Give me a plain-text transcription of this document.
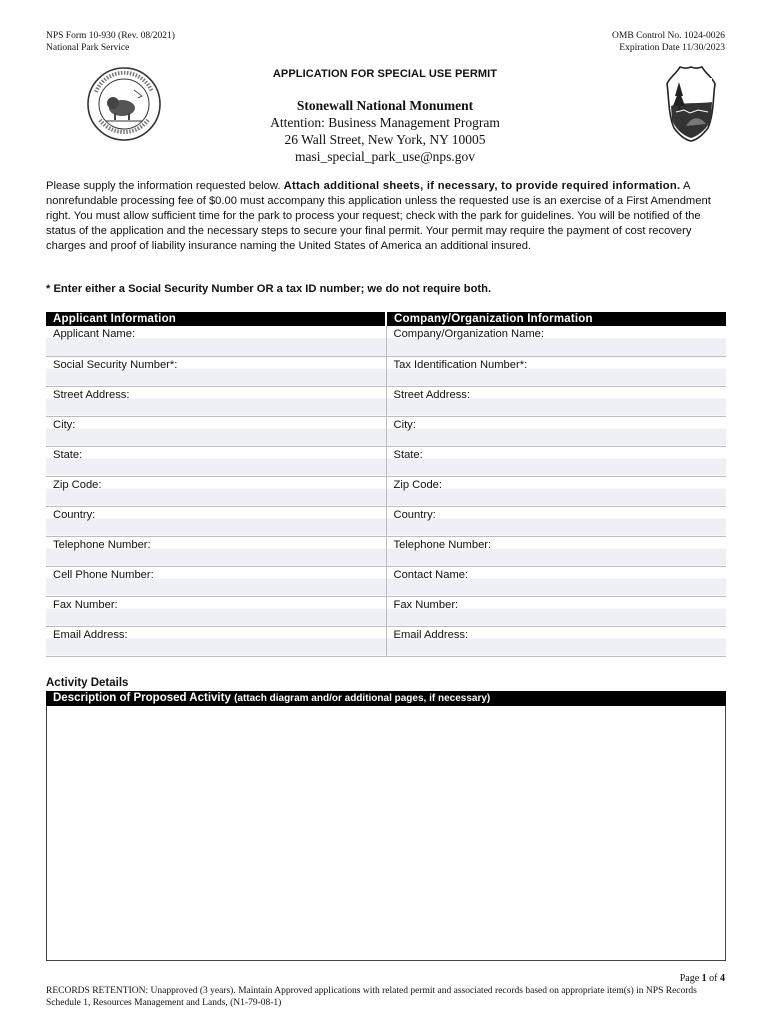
NPS Form 10-930 (Rev. 08/2021)
National Park Service
OMB Control No. 1024-0026
Expiration Date 11/30/2023
APPLICATION FOR SPECIAL USE PERMIT
Stonewall National Monument
Attention: Business Management Program
26 Wall Street, New York, NY 10005
masi_special_park_use@nps.gov
Please supply the information requested below. Attach additional sheets, if necessary, to provide required information. A nonrefundable processing fee of $0.00 must accompany this application unless the requested use is an exercise of a First Amendment right. You must allow sufficient time for the park to process your request; check with the park for guidelines. You will be notified of the status of the application and the necessary steps to secure your final permit. Your permit may require the payment of cost recovery charges and proof of liability insurance naming the United States of America an additional insured.
* Enter either a Social Security Number OR a tax ID number; we do not require both.
Applicant Information	Company/Organization Information
Applicant Name:	Company/Organization Name:
Social Security Number*:	Tax Identification Number*:
Street Address:	Street Address:
City:	City:
State:	State:
Zip Code:	Zip Code:
Country:	Country:
Telephone Number:	Telephone Number:
Cell Phone Number:	Contact Name:
Fax Number:	Fax Number:
Email Address:	Email Address:
Activity Details
Description of Proposed Activity (attach diagram and/or additional pages, if necessary)
Page 1 of 4
RECORDS RETENTION: Unapproved (3 years). Maintain Approved applications with related permit and associated records based on appropriate item(s) in NPS Records Schedule 1, Resources Management and Lands, (N1-79-08-1)
